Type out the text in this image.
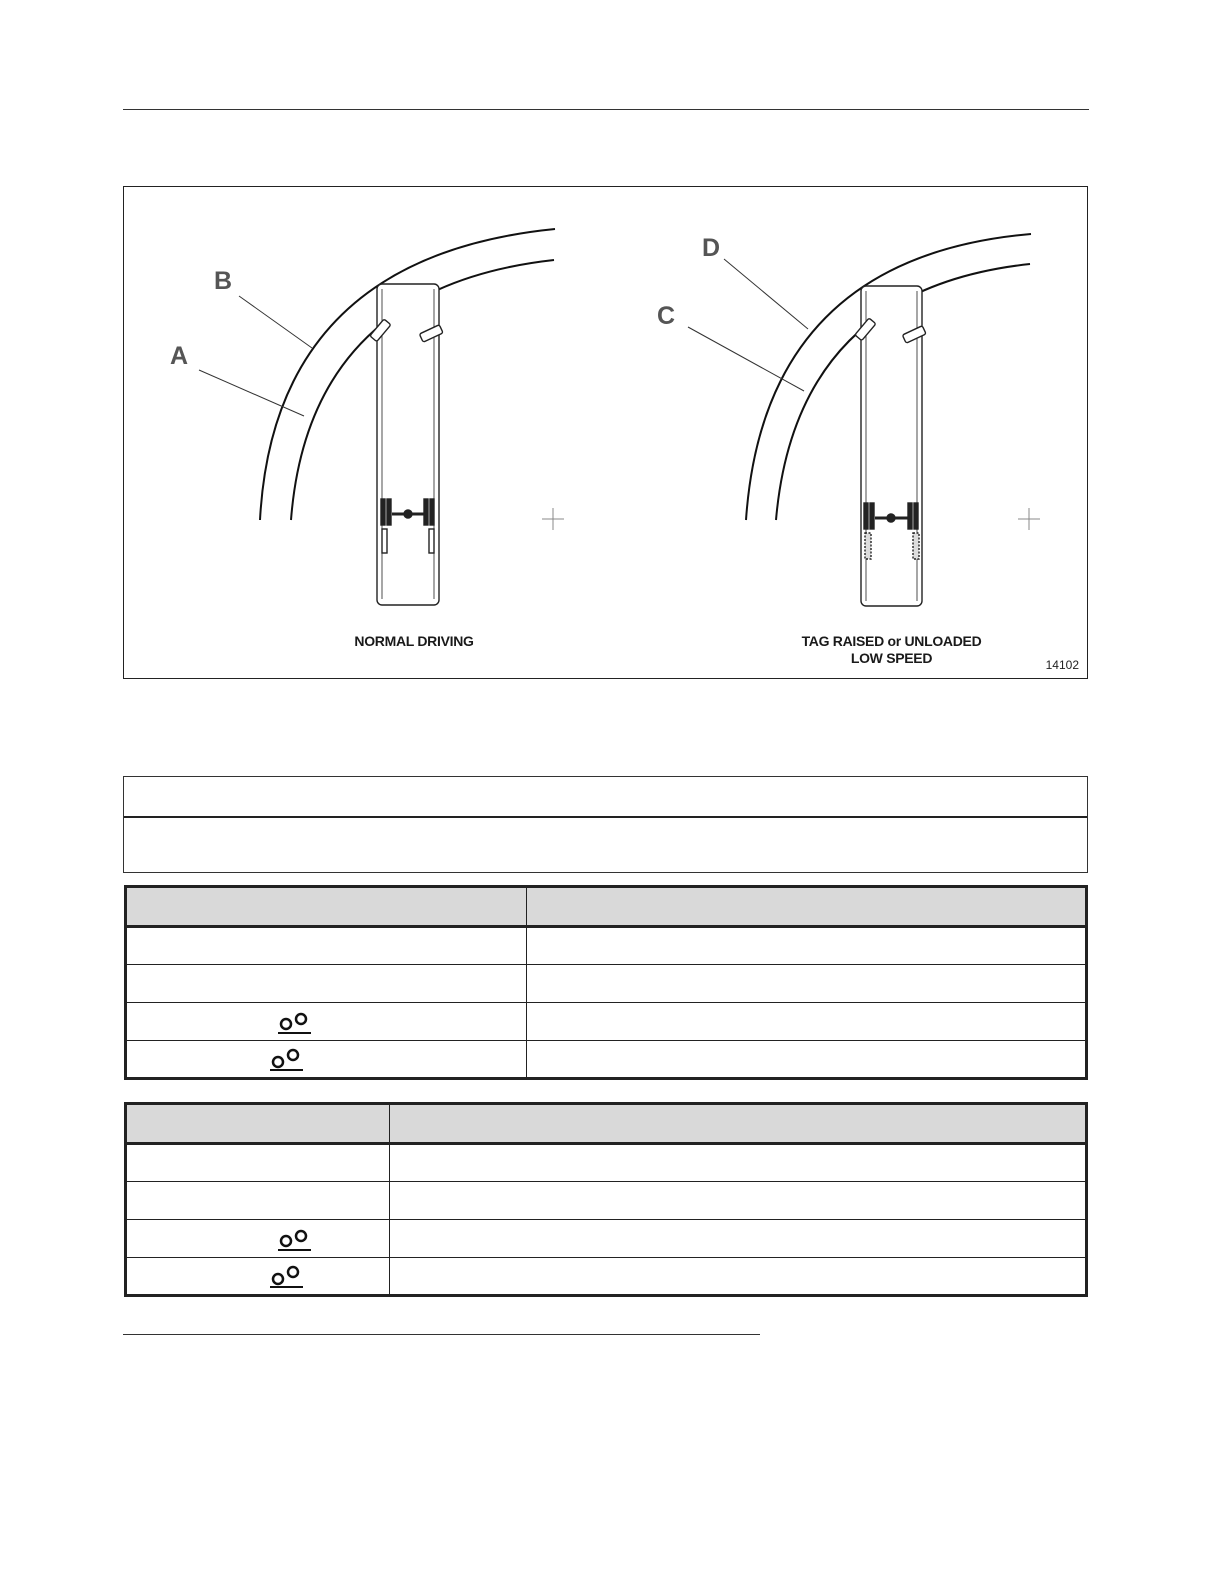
B
A
D
C
NORMAL DRIVING	TAG RAISED or UNLOADED
LOW SPEED	14102
